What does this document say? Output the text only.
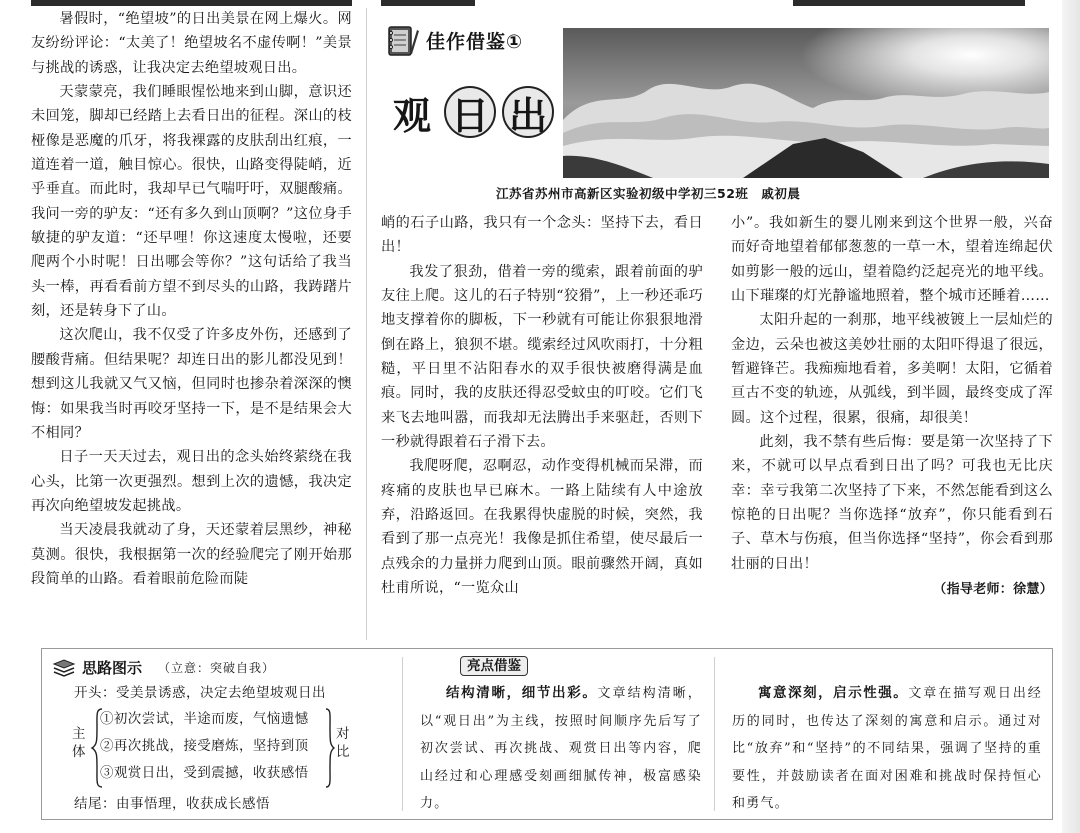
暑假时，“绝望坡”的日出美景在网上爆火。网友纷纷评论：“太美了！绝望坡名不虚传啊！”美景与挑战的诱惑，让我决定去绝望坡观日出。

天蒙蒙亮，我们睡眼惺忪地来到山脚，意识还未回笼，脚却已经踏上去看日出的征程。深山的枝桠像是恶魔的爪牙，将我裸露的皮肤刮出红痕，一道连着一道，触目惊心。很快，山路变得陡峭，近乎垂直。而此时，我却早已气喘吁吁，双腿酸痛。我问一旁的驴友：“还有多久到山顶啊？”这位身手敏捷的驴友道：“还早哩！你这速度太慢啦，还要爬两个小时呢！日出哪会等你？”这句话给了我当头一棒，再看看前方望不到尽头的山路，我踌躇片刻，还是转身下了山。

这次爬山，我不仅受了许多皮外伤，还感到了腰酸背痛。但结果呢？却连日出的影儿都没见到！想到这儿我就又气又恼，但同时也掺杂着深深的懊悔：如果我当时再咬牙坚持一下，是不是结果会大不相同？

日子一天天过去，观日出的念头始终萦绕在我心头，比第一次更强烈。想到上次的遗憾，我决定再次向绝望坡发起挑战。

当天凌晨我就动了身，天还蒙着层黑纱，神秘莫测。很快，我根据第一次的经验爬完了刚开始那段简单的山路。看着眼前危险而陡

佳作借鉴①
观 日 出
江苏省苏州市高新区实验初级中学初三52班　戚初晨

峭的石子山路，我只有一个念头：坚持下去，看日出！

我发了狠劲，借着一旁的缆索，跟着前面的驴友往上爬。这儿的石子特别“狡猾”，上一秒还乖巧地支撑着你的脚板，下一秒就有可能让你狠狠地滑倒在路上，狼狈不堪。缆索经过风吹雨打，十分粗糙，平日里不沾阳春水的双手很快被磨得满是血痕。同时，我的皮肤还得忍受蚊虫的叮咬。它们飞来飞去地叫嚣，而我却无法腾出手来驱赶，否则下一秒就得跟着石子滑下去。

我爬呀爬，忍啊忍，动作变得机械而呆滞，而疼痛的皮肤也早已麻木。一路上陆续有人中途放弃，沿路返回。在我累得快虚脱的时候，突然，我看到了那一点亮光！我像是抓住希望，使尽最后一点残余的力量拼力爬到山顶。眼前骤然开阔，真如杜甫所说，“一览众山

小”。我如新生的婴儿刚来到这个世界一般，兴奋而好奇地望着郁郁葱葱的一草一木，望着连绵起伏如剪影一般的远山，望着隐约泛起亮光的地平线。山下璀璨的灯光静谧地照着，整个城市还睡着……

太阳升起的一刹那，地平线被镀上一层灿烂的金边，云朵也被这美妙壮丽的太阳吓得退了很远，暂避锋芒。我痴痴地看着，多美啊！太阳，它循着亘古不变的轨迹，从弧线，到半圆，最终变成了浑圆。这个过程，很累，很痛，却很美！

此刻，我不禁有些后悔：要是第一次坚持了下来，不就可以早点看到日出了吗？可我也无比庆幸：幸亏我第二次坚持了下来，不然怎能看到这么惊艳的日出呢？当你选择“放弃”，你只能看到石子、草木与伤痕，但当你选择“坚持”，你会看到那壮丽的日出！

（指导老师：徐慧）

思路图示 （立意：突破自我）
开头：受美景诱惑，决定去绝望坡观日出
主体
①初次尝试，半途而废，气恼遗憾
②再次挑战，接受磨炼，坚持到顶
③观赏日出，受到震撼，收获感悟
对比
结尾：由事悟理，收获成长感悟
亮点借鉴
结构清晰，细节出彩。文章结构清晰，以“观日出”为主线，按照时间顺序先后写了初次尝试、再次挑战、观赏日出等内容，爬山经过和心理感受刻画细腻传神，极富感染力。
寓意深刻，启示性强。文章在描写观日出经历的同时，也传达了深刻的寓意和启示。通过对比“放弃”和“坚持”的不同结果，强调了坚持的重要性，并鼓励读者在面对困难和挑战时保持恒心和勇气。
